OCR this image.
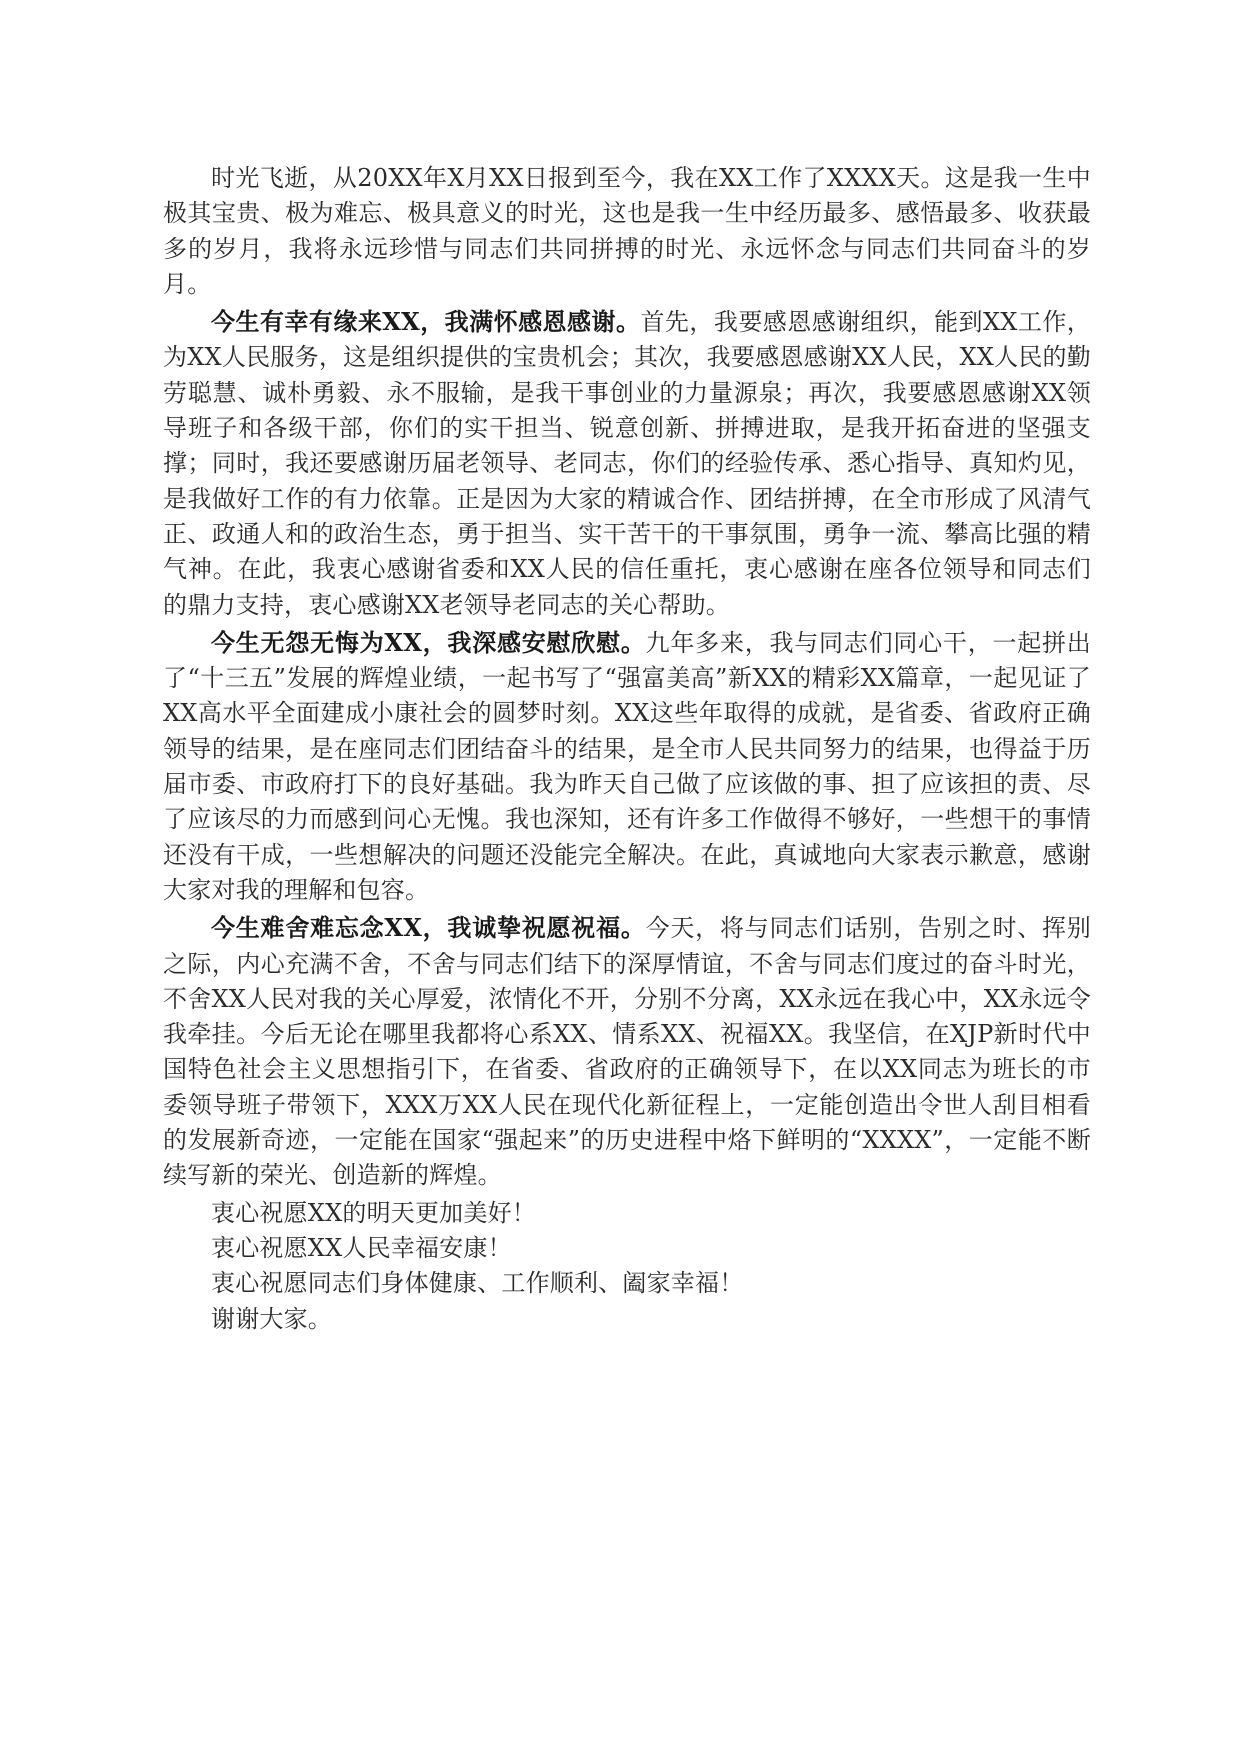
时光飞逝，从20XX年X月XX日报到至今，我在XX工作了XXXX天。这是我一生中极其宝贵、极为难忘、极具意义的时光，这也是我一生中经历最多、感悟最多、收获最多的岁月，我将永远珍惜与同志们共同拼搏的时光、永远怀念与同志们共同奋斗的岁月。

今生有幸有缘来XX，我满怀感恩感谢。首先，我要感恩感谢组织，能到XX工作，为XX人民服务，这是组织提供的宝贵机会；其次，我要感恩感谢XX人民，XX人民的勤劳聪慧、诚朴勇毅、永不服输，是我干事创业的力量源泉；再次，我要感恩感谢XX领导班子和各级干部，你们的实干担当、锐意创新、拼搏进取，是我开拓奋进的坚强支撑；同时，我还要感谢历届老领导、老同志，你们的经验传承、悉心指导、真知灼见，是我做好工作的有力依靠。正是因为大家的精诚合作、团结拼搏，在全市形成了风清气正、政通人和的政治生态，勇于担当、实干苦干的干事氛围，勇争一流、攀高比强的精气神。在此，我衷心感谢省委和XX人民的信任重托，衷心感谢在座各位领导和同志们的鼎力支持，衷心感谢XX老领导老同志的关心帮助。

今生无怨无悔为XX，我深感安慰欣慰。九年多来，我与同志们同心干，一起拼出了“十三五”发展的辉煌业绩，一起书写了“强富美高”新XX的精彩XX篇章，一起见证了XX高水平全面建成小康社会的圆梦时刻。XX这些年取得的成就，是省委、省政府正确领导的结果，是在座同志们团结奋斗的结果，是全市人民共同努力的结果，也得益于历届市委、市政府打下的良好基础。我为昨天自己做了应该做的事、担了应该担的责、尽了应该尽的力而感到问心无愧。我也深知，还有许多工作做得不够好，一些想干的事情还没有干成，一些想解决的问题还没能完全解决。在此，真诚地向大家表示歉意，感谢大家对我的理解和包容。

今生难舍难忘念XX，我诚挚祝愿祝福。今天，将与同志们话别，告别之时、挥别之际，内心充满不舍，不舍与同志们结下的深厚情谊，不舍与同志们度过的奋斗时光，不舍XX人民对我的关心厚爱，浓情化不开，分别不分离，XX永远在我心中，XX永远令我牵挂。今后无论在哪里我都将心系XX、情系XX、祝福XX。我坚信，在XJP新时代中国特色社会主义思想指引下，在省委、省政府的正确领导下，在以XX同志为班长的市委领导班子带领下，XXX万XX人民在现代化新征程上，一定能创造出令世人刮目相看的发展新奇迹，一定能在国家“强起来”的历史进程中烙下鲜明的“XXXX”，一定能不断续写新的荣光、创造新的辉煌。

衷心祝愿XX的明天更加美好！

衷心祝愿XX人民幸福安康！

衷心祝愿同志们身体健康、工作顺利、阖家幸福！

谢谢大家。
